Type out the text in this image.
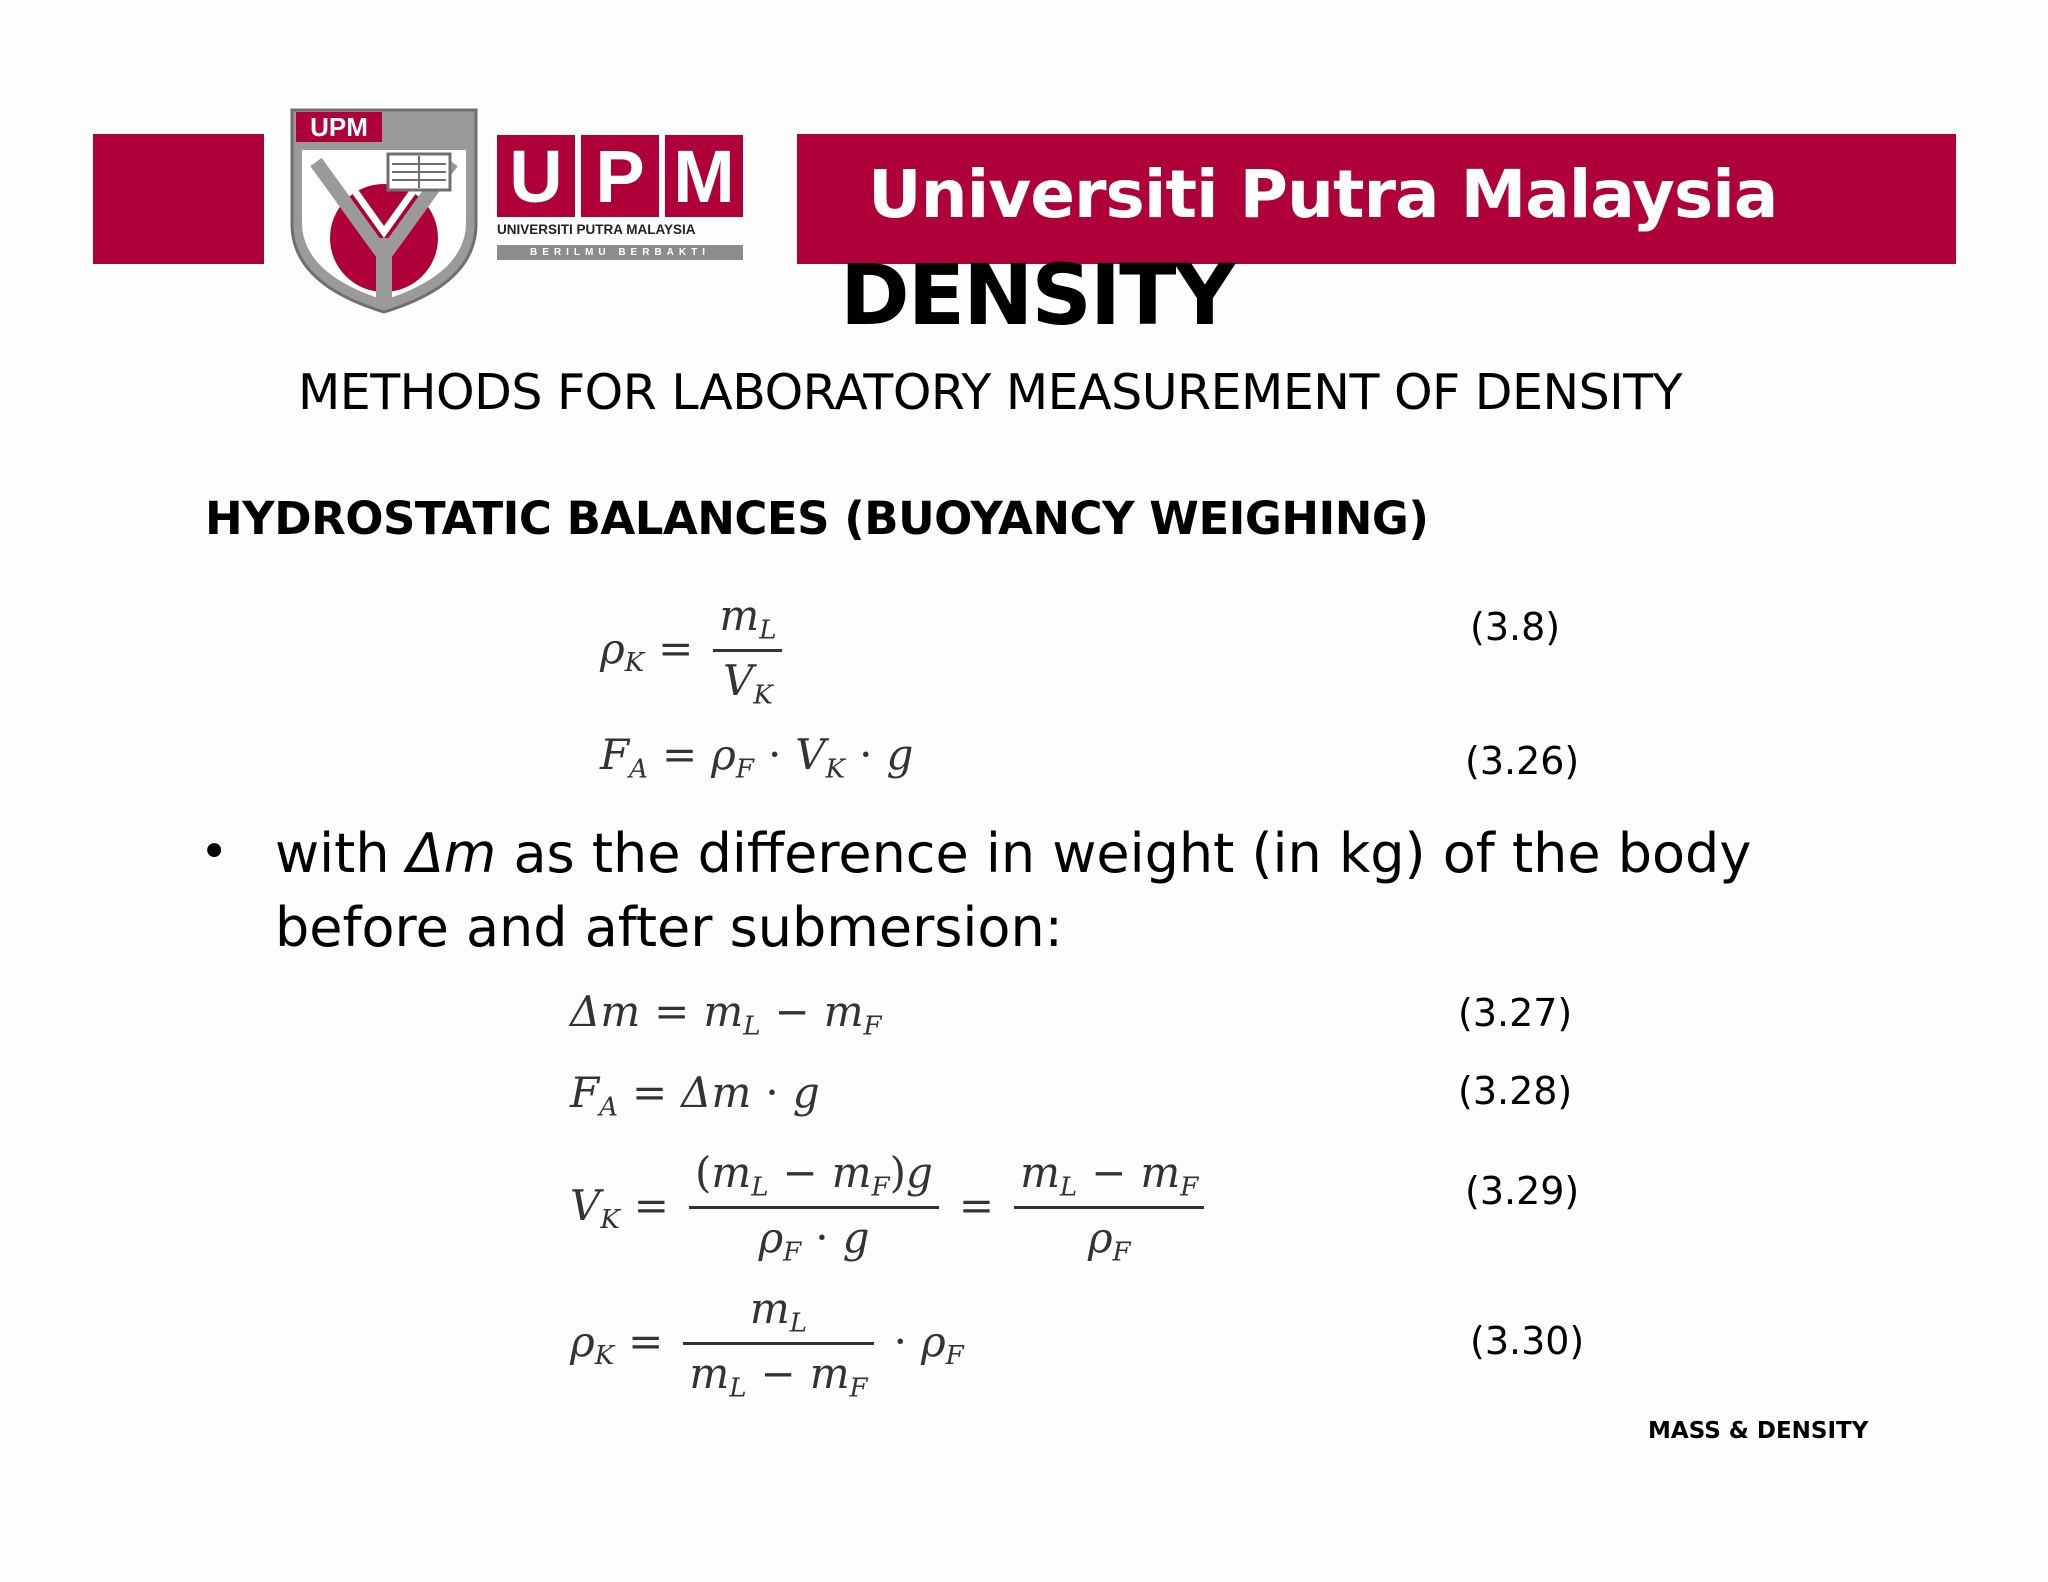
Universiti Putra Malaysia
UPM
U P M
UNIVERSITI PUTRA MALAYSIA
BERILMU BERBAKTI	DENSITY
METHODS FOR LABORATORY MEASUREMENT OF DENSITY
HYDROSTATIC BALANCES (BUOYANCY WEIGHING)
$\rho_K = \frac{m_L}{V_K}$	(3.8)
$F_A = \rho_F \cdot V_K \cdot g$	(3.26)
• with Δm as the difference in weight (in kg) of the body before and after submersion:
$\Delta m = m_L - m_F$	(3.27)
$F_A = \Delta m \cdot g$	(3.28)
$V_K = \frac{(m_L - m_F)g}{\rho_F \cdot g} = \frac{m_L - m_F}{\rho_F}$	(3.29)
$\rho_K = \frac{m_L}{m_L - m_F} \cdot \rho_F$	(3.30)
MASS & DENSITY
